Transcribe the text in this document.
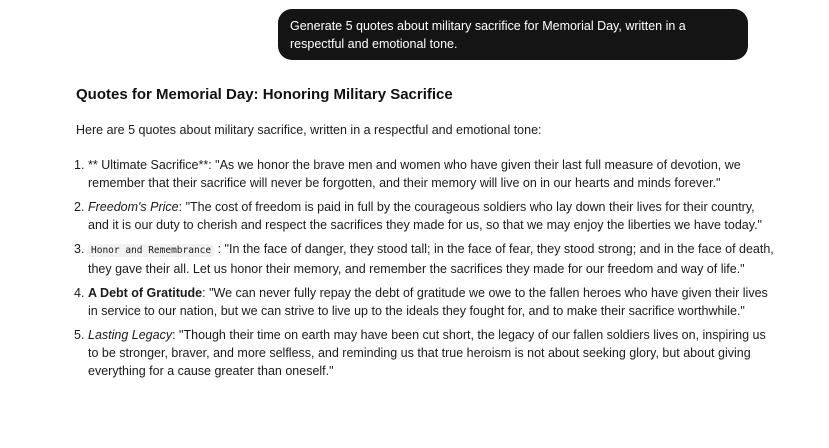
Generate 5 quotes about military sacrifice for Memorial Day, written in a respectful and emotional tone.
Quotes for Memorial Day: Honoring Military Sacrifice

Here are 5 quotes about military sacrifice, written in a respectful and emotional tone:

1. ** Ultimate Sacrifice**: "As we honor the brave men and women who have given their last full measure of devotion, we remember that their sacrifice will never be forgotten, and their memory will live on in our hearts and minds forever."
2. Freedom's Price: "The cost of freedom is paid in full by the courageous soldiers who lay down their lives for their country, and it is our duty to cherish and respect the sacrifices they made for us, so that we may enjoy the liberties we have today."
3. Honor and Remembrance : "In the face of danger, they stood tall; in the face of fear, they stood strong; and in the face of death, they gave their all. Let us honor their memory, and remember the sacrifices they made for our freedom and way of life."
4. A Debt of Gratitude: "We can never fully repay the debt of gratitude we owe to the fallen heroes who have given their lives in service to our nation, but we can strive to live up to the ideals they fought for, and to make their sacrifice worthwhile."
5. Lasting Legacy: "Though their time on earth may have been cut short, the legacy of our fallen soldiers lives on, inspiring us to be stronger, braver, and more selfless, and reminding us that true heroism is not about seeking glory, but about giving everything for a cause greater than oneself."
